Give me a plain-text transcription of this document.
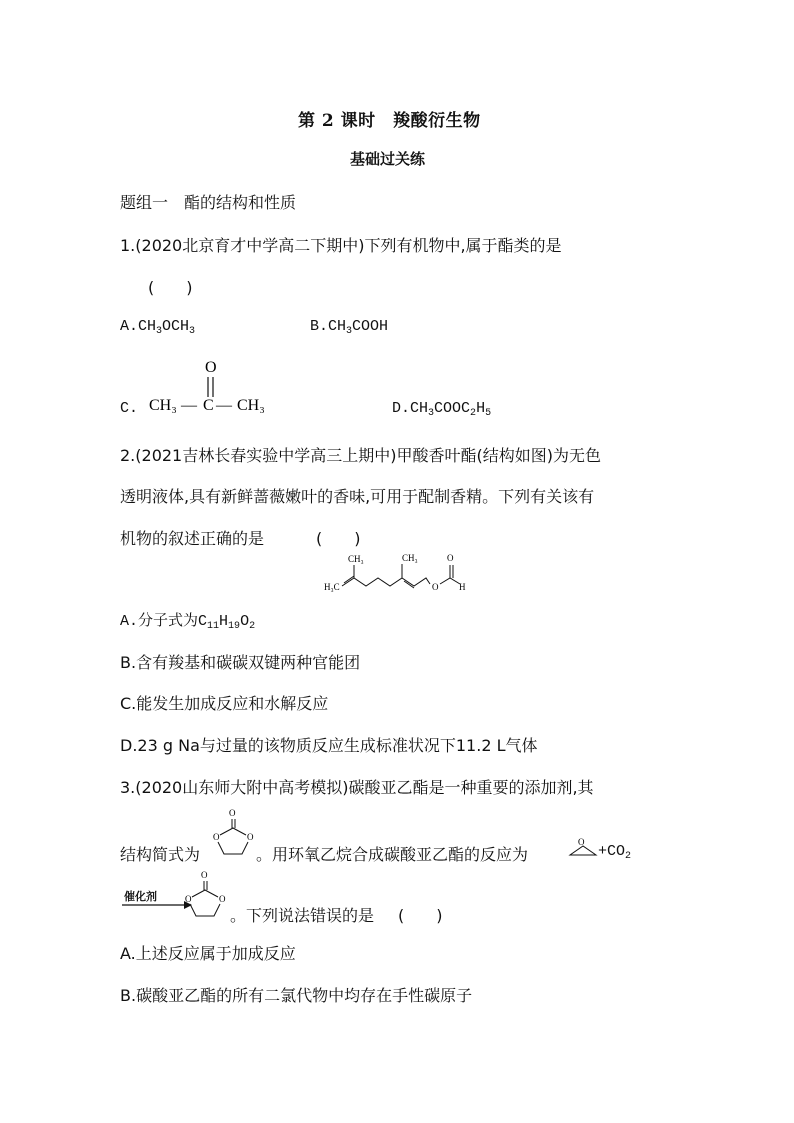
第 2 课时　羧酸衍生物
基础过关练
题组一　酯的结构和性质
1.(2020北京育才中学高二下期中)下列有机物中,属于酯类的是
(　　)
$A.CH_3OCH_3$	$B.CH_3COOH$
C.
O
CH₃ — C — CH₃	$D.CH_3COOC_2H_5$
2.(2021吉林长春实验中学高三上期中)甲酸香叶酯(结构如图)为无色
透明液体,具有新鲜蔷薇嫩叶的香味,可用于配制香精。下列有关该有
机物的叙述正确的是	(　　)
CH₃	CH₃
H₃C	O
O
H
A.分子式为$C_{11}H_{19}O_2$
B.含有羧基和碳碳双键两种官能团
C.能发生加成反应和水解反应
D.23 g Na与过量的该物质反应生成标准状况下11.2 L气体
3.(2020山东师大附中高考模拟)碳酸亚乙酯是一种重要的添加剂,其
结构简式为
O
O	O
。用环氧乙烷合成碳酸亚乙酯的反应为
O
$+CO_2$
催化剂
O
O	O
。下列说法错误的是 (　　)
A.上述反应属于加成反应
B.碳酸亚乙酯的所有二氯代物中均存在手性碳原子
